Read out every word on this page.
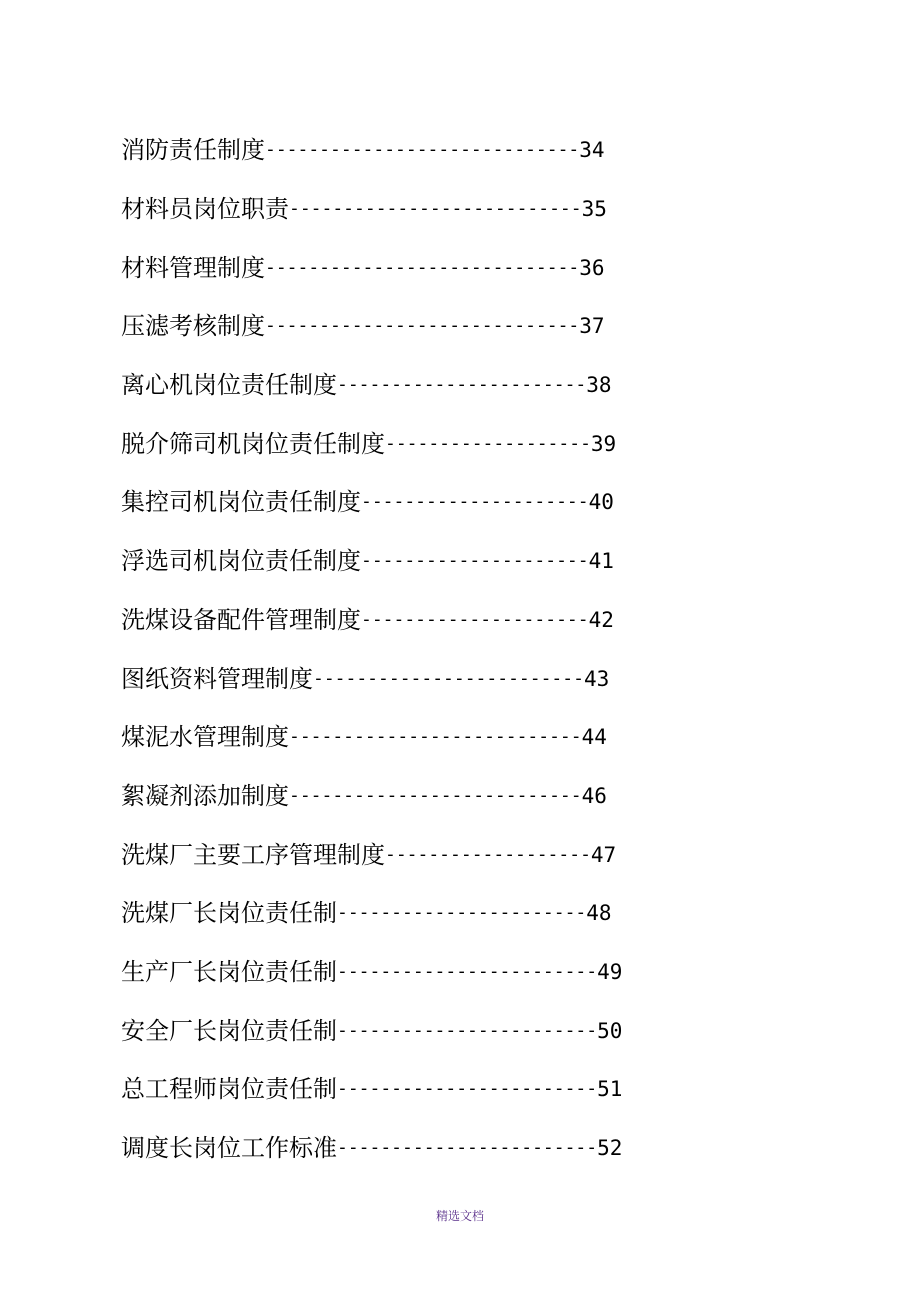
消防责任制度 ----------------------------- 34
材料员岗位职责 --------------------------- 35
材料管理制度 ----------------------------- 36
压滤考核制度 ----------------------------- 37
离心机岗位责任制度 ----------------------- 38
脱介筛司机岗位责任制度 ------------------- 39
集控司机岗位责任制度 --------------------- 40
浮选司机岗位责任制度 --------------------- 41
洗煤设备配件管理制度 --------------------- 42
图纸资料管理制度 ------------------------- 43
煤泥水管理制度 --------------------------- 44
絮凝剂添加制度 --------------------------- 46
洗煤厂主要工序管理制度 ------------------- 47
洗煤厂长岗位责任制 ----------------------- 48
生产厂长岗位责任制 ------------------------ 49
安全厂长岗位责任制 ------------------------ 50
总工程师岗位责任制 ------------------------ 51
调度长岗位工作标准 ------------------------ 52
精选文档
